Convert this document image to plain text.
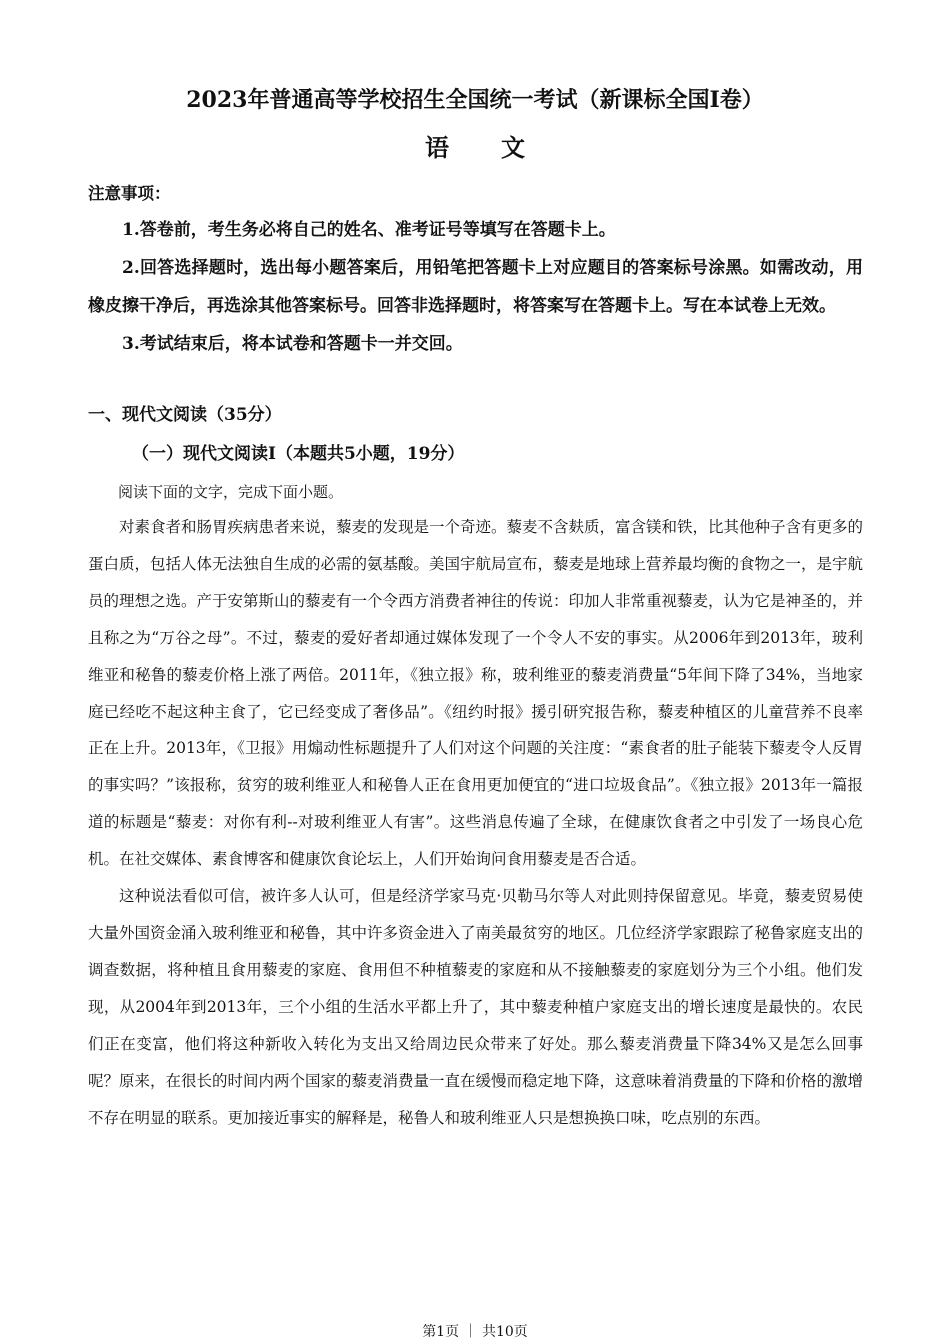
2023年普通高等学校招生全国统一考试（新课标全国Ⅰ卷）
语文
注意事项：

1.答卷前，考生务必将自己的姓名、准考证号等填写在答题卡上。

2.回答选择题时，选出每小题答案后，用铅笔把答题卡上对应题目的答案标号涂黑。如需改动，用橡皮擦干净后，再选涂其他答案标号。回答非选择题时，将答案写在答题卡上。写在本试卷上无效。

3.考试结束后，将本试卷和答题卡一并交回。

一、现代文阅读（35分）
（一）现代文阅读Ⅰ（本题共5小题，19分）
阅读下面的文字，完成下面小题。

对素食者和肠胃疾病患者来说，藜麦的发现是一个奇迹。藜麦不含麸质，富含镁和铁，比其他种子含有更多的蛋白质，包括人体无法独自生成的必需的氨基酸。美国宇航局宣布，藜麦是地球上营养最均衡的食物之一，是宇航员的理想之选。产于安第斯山的藜麦有一个令西方消费者神往的传说：印加人非常重视藜麦，认为它是神圣的，并且称之为“万谷之母”。不过，藜麦的爱好者却通过媒体发现了一个令人不安的事实。从2006年到2013年，玻利维亚和秘鲁的藜麦价格上涨了两倍。2011年，《独立报》称，玻利维亚的藜麦消费量“5年间下降了34%，当地家庭已经吃不起这种主食了，它已经变成了奢侈品”。《纽约时报》援引研究报告称，藜麦种植区的儿童营养不良率正在上升。2013年，《卫报》用煽动性标题提升了人们对这个问题的关注度：“素食者的肚子能装下藜麦令人反胃的事实吗？”该报称，贫穷的玻利维亚人和秘鲁人正在食用更加便宜的“进口垃圾食品”。《独立报》2013年一篇报道的标题是“藜麦：对你有利--对玻利维亚人有害”。这些消息传遍了全球，在健康饮食者之中引发了一场良心危机。在社交媒体、素食博客和健康饮食论坛上，人们开始询问食用藜麦是否合适。

这种说法看似可信，被许多人认可，但是经济学家马克·贝勒马尔等人对此则持保留意见。毕竟，藜麦贸易使大量外国资金涌入玻利维亚和秘鲁，其中许多资金进入了南美最贫穷的地区。几位经济学家跟踪了秘鲁家庭支出的调查数据，将种植且食用藜麦的家庭、食用但不种植藜麦的家庭和从不接触藜麦的家庭划分为三个小组。他们发现，从2004年到2013年，三个小组的生活水平都上升了，其中藜麦种植户家庭支出的增长速度是最快的。农民们正在变富，他们将这种新收入转化为支出又给周边民众带来了好处。那么藜麦消费量下降34%又是怎么回事呢？原来，在很长的时间内两个国家的藜麦消费量一直在缓慢而稳定地下降，这意味着消费量的下降和价格的激增不存在明显的联系。更加接近事实的解释是，秘鲁人和玻利维亚人只是想换换口味，吃点别的东西。

第1页 ｜ 共10页
